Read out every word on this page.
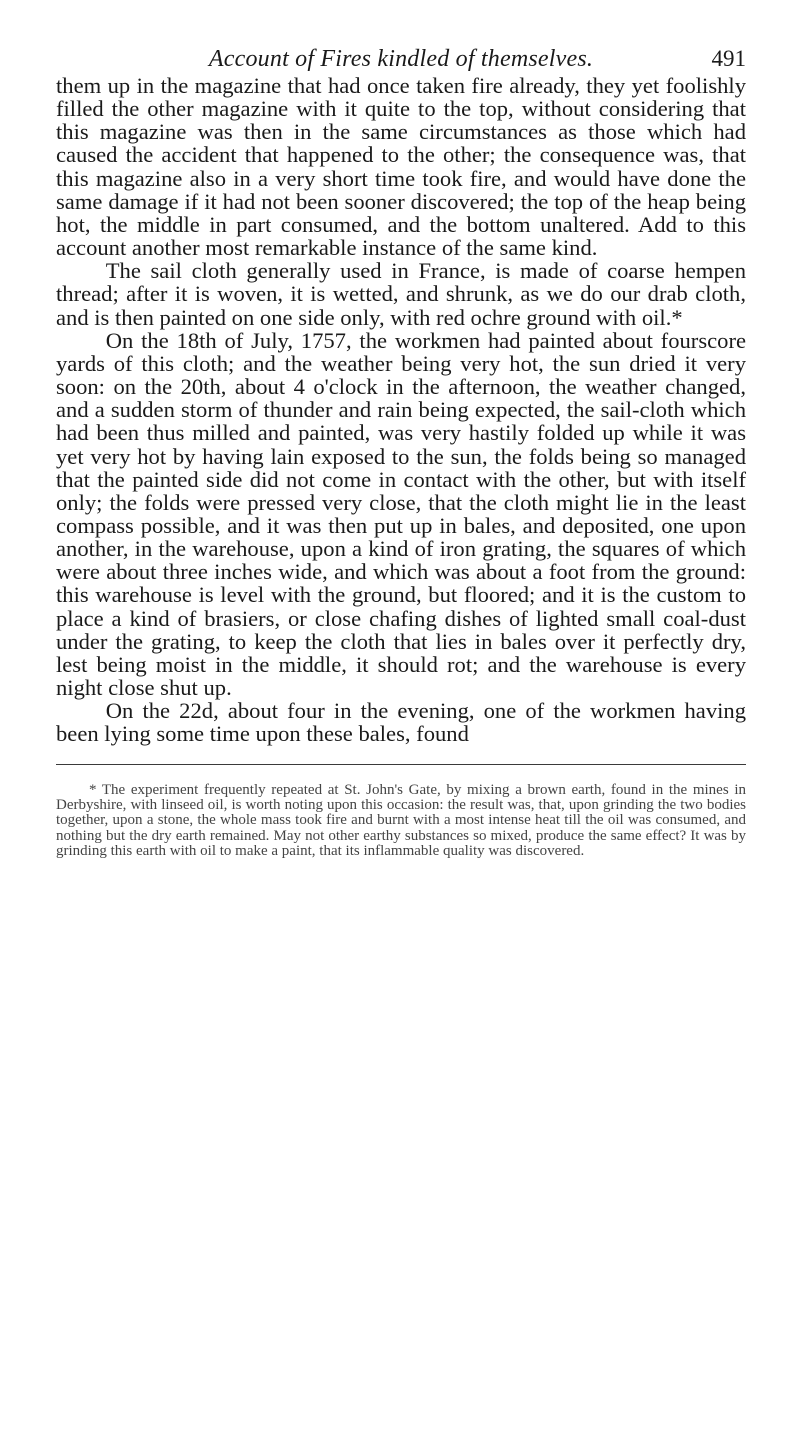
Account of Fires kindled of themselves.	491

them up in the magazine that had once taken fire already, they yet foolishly filled the other magazine with it quite to the top, without considering that this magazine was then in the same circumstances as those which had caused the accident that happened to the other; the consequence was, that this magazine also in a very short time took fire, and would have done the same damage if it had not been sooner discovered; the top of the heap being hot, the middle in part consumed, and the bottom unaltered. Add to this account another most remarkable instance of the same kind.

The sail cloth generally used in France, is made of coarse hempen thread; after it is woven, it is wetted, and shrunk, as we do our drab cloth, and is then painted on one side only, with red ochre ground with oil.*

On the 18th of July, 1757, the workmen had painted about fourscore yards of this cloth; and the weather being very hot, the sun dried it very soon: on the 20th, about 4 o'clock in the afternoon, the weather changed, and a sudden storm of thunder and rain being expected, the sail-cloth which had been thus milled and painted, was very hastily folded up while it was yet very hot by having lain exposed to the sun, the folds being so managed that the painted side did not come in contact with the other, but with itself only; the folds were pressed very close, that the cloth might lie in the least compass possible, and it was then put up in bales, and deposited, one upon another, in the warehouse, upon a kind of iron grating, the squares of which were about three inches wide, and which was about a foot from the ground: this warehouse is level with the ground, but floored; and it is the custom to place a kind of brasiers, or close chafing dishes of lighted small coal-dust under the grating, to keep the cloth that lies in bales over it perfectly dry, lest being moist in the middle, it should rot; and the warehouse is every night close shut up.

On the 22d, about four in the evening, one of the workmen having been lying some time upon these bales, found

* The experiment frequently repeated at St. John's Gate, by mixing a brown earth, found in the mines in Derbyshire, with linseed oil, is worth noting upon this occasion: the result was, that, upon grinding the two bodies together, upon a stone, the whole mass took fire and burnt with a most intense heat till the oil was consumed, and nothing but the dry earth remained. May not other earthy substances so mixed, produce the same effect? It was by grinding this earth with oil to make a paint, that its inflammable quality was discovered.
